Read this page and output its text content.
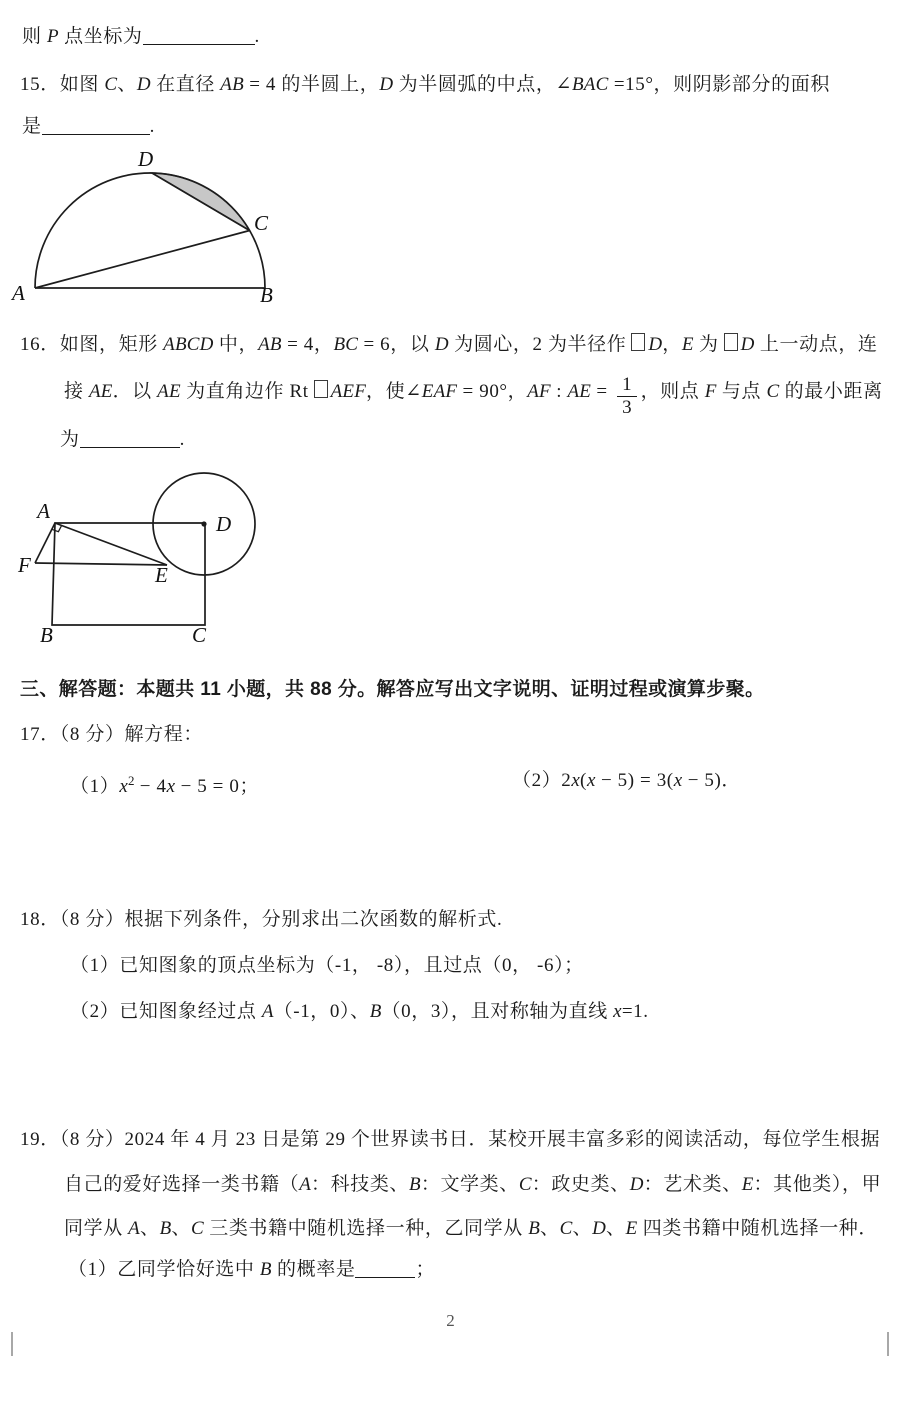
则 P 点坐标为	.
15．如图 C、D 在直径 AB = 4 的半圆上，D 为半圆弧的中点，∠BAC =15°，则阴影部分的面积
是	.
A	B
C
D
16．如图，矩形 ABCD 中，AB = 4，BC = 6，以 D 为圆心，2 为半径作 D，E 为 D 上一动点，连
接 AE．以 AE 为直角边作 Rt AEF，使∠EAF = 90°，AF : AE = $\frac{1}{3}$ ，则点 F 与点 C 的最小距离
为	.
A
D
F	E
B	C
三、解答题：本题共 11 小题，共 88 分。解答应写出文字说明、证明过程或演算步聚。
17．（8 分）解方程：
$(1)x^2 - 4x - 5 = 0$；	（2）2x(x − 5) = 3(x − 5)．
18．（8 分）根据下列条件，分别求出二次函数的解析式.
（1）已知图象的顶点坐标为（-1， -8），且过点（0， -6）；
（2）已知图象经过点 A（-1，0）、B（0，3），且对称轴为直线 x=1.
19．（8 分）2024 年 4 月 23 日是第 29 个世界读书日．某校开展丰富多彩的阅读活动，每位学生根据
自己的爱好选择一类书籍（A：科技类、B：文学类、C：政史类、D：艺术类、E：其他类），甲
同学从 A、B、C 三类书籍中随机选择一种，乙同学从 B、C、D、E 四类书籍中随机选择一种．
（1）乙同学恰好选中 B 的概率是	；
2
